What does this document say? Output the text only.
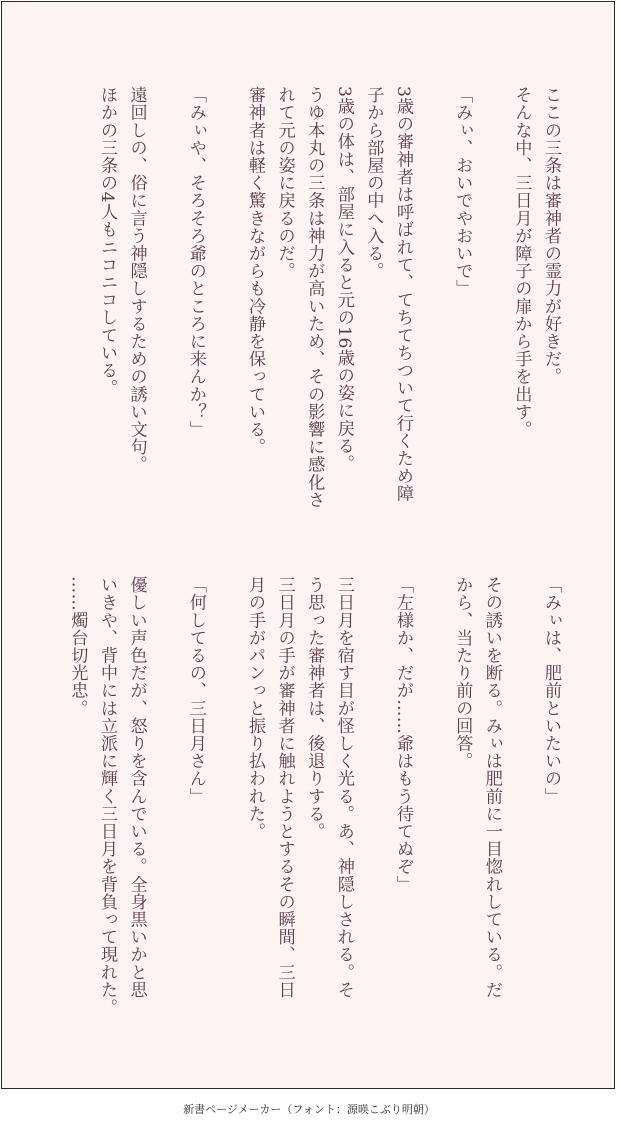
ここの三条は審神者の霊力が好きだ。
そんな中、三日月が障子の扉から手を出す。
「みぃ、おいでやおいで」
3歳の審神者は呼ばれて、てちてちついて行くため障
子から部屋の中へ入る。
3歳の体は、部屋に入ると元の16歳の姿に戻る。
うゆ本丸の三条は神力が高いため、その影響に感化さ
れて元の姿に戻るのだ。
審神者は軽く驚きながらも冷静を保っている。
「みぃや、そろそろ爺のところに来んか？」
遠回しの、俗に言う神隠しするための誘い文句。
ほかの三条の4人もニコニコしている。
「みぃは、肥前といたいの」
その誘いを断る。みぃは肥前に一目惚れしている。だ
から、当たり前の回答。
「左様か、だが……爺はもう待てぬぞ」
三日月を宿す目が怪しく光る。あ、神隠しされる。そ
う思った審神者は、後退りする。
三日月の手が審神者に触れようとするその瞬間、三日
月の手がパンっと振り払われた。
「何してるの、三日月さん」
優しい声色だが、怒りを含んでいる。全身黒いかと思
いきや、背中には立派に輝く三日月を背負って現れた。
……燭台切光忠。
新書ページメーカー（フォント：源暎こぶり明朝）
